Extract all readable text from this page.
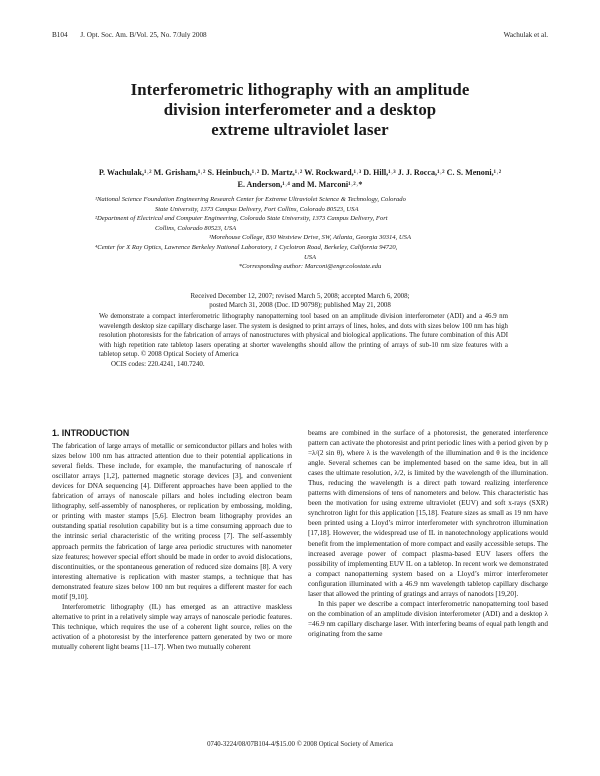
B104 J. Opt. Soc. Am. B/Vol. 25, No. 7/July 2008	Wachulak et al.
Interferometric lithography with an amplitude
division interferometer and a desktop
extreme ultraviolet laser
P. Wachulak,¹˒² M. Grisham,¹˒² S. Heinbuch,¹˒² D. Martz,¹˒² W. Rockward,¹˒³ D. Hill,¹˒³ J. J. Rocca,¹˒² C. S. Menoni,¹˒²
E. Anderson,¹˒⁴ and M. Marconi¹˒²˒*
¹National Science Foundation Engineering Research Center for Extreme Ultraviolet Science & Technology, Colorado
State University, 1373 Campus Delivery, Fort Collins, Colorado 80523, USA
²Department of Electrical and Computer Engineering, Colorado State University, 1373 Campus Delivery, Fort
Collins, Colorado 80523, USA
³Morehouse College, 830 Westview Drive, SW, Atlanta, Georgia 30314, USA
⁴Center for X Ray Optics, Lawrence Berkeley National Laboratory, 1 Cyclotron Road, Berkeley, California 94720,
USA
*Corresponding author: Marconi@engr.colostate.edu
Received December 12, 2007; revised March 5, 2008; accepted March 6, 2008;
posted March 31, 2008 (Doc. ID 90798); published May 21, 2008
We demonstrate a compact interferometric lithography nanopatterning tool based on an amplitude division interferometer (ADI) and a 46.9 nm wavelength desktop size capillary discharge laser. The system is designed to print arrays of lines, holes, and dots with sizes below 100 nm has high resolution photoresists for the fabrication of arrays of nanostructures with physical and biological applications. The future combination of this ADI with high repetition rate tabletop lasers operating at shorter wavelengths should allow the printing of arrays of sub-10 nm size features with a tabletop setup. © 2008 Optical Society of America
OCIS codes: 220.4241, 140.7240.
1. INTRODUCTION

The fabrication of large arrays of metallic or semiconductor pillars and holes with sizes below 100 nm has attracted attention due to their potential applications in several fields. These include, for example, the manufacturing of nanoscale rf oscillator arrays [1,2], patterned magnetic storage devices [3], and convenient devices for DNA sequencing [4]. Different approaches have been applied to the fabrication of arrays of nanoscale pillars and holes including electron beam lithography, self-assembly of nanospheres, or replication by embossing, molding, or printing with master stamps [5,6]. Electron beam lithography provides an outstanding spatial resolution capability but is a time consuming approach due to the intrinsic serial characteristic of the writing process [7]. The self-assembly approach permits the fabrication of large area periodic structures with nanometer size features; however special effort should be made in order to avoid dislocations, discontinuities, or the spontaneous generation of reduced size domains [8]. A very interesting alternative is replication with master stamps, a technique that has demonstrated feature sizes below 100 nm but requires a different master for each motif [9,10].

Interferometric lithography (IL) has emerged as an attractive maskless alternative to print in a relatively simple way arrays of nanoscale periodic features. This technique, which requires the use of a coherent light source, relies on the activation of a photoresist by the interference pattern generated by two or more mutually coherent light beams [11–17]. When two mutually coherent

beams are combined in the surface of a photoresist, the generated interference pattern can activate the photoresist and print periodic lines with a period given by p =λ/(2 sin θ), where λ is the wavelength of the illumination and θ is the incidence angle. Several schemes can be implemented based on the same idea, but in all cases the ultimate resolution, λ/2, is limited by the wavelength of the illumination. Thus, reducing the wavelength is a direct path toward realizing interference patterns with dimensions of tens of nanometers and below. This characteristic has been the motivation for using extreme ultraviolet (EUV) and soft x-rays (SXR) synchrotron light for this application [15,18]. Feature sizes as small as 19 nm have been printed using a Lloyd’s mirror interferometer with synchrotron illumination [17,18]. However, the widespread use of IL in nanotechnology applications would benefit from the implementation of more compact and easily accessible setups. The increased average power of compact plasma-based EUV lasers offers the possibility of implementing EUV IL on a tabletop. In recent work we demonstrated a compact nanopatterning system based on a Lloyd’s mirror interferometer configuration illuminated with a 46.9 nm wavelength tabletop capillary discharge laser that allowed the printing of gratings and arrays of nanodots [19,20].

In this paper we describe a compact interferometric nanopatterning tool based on the combination of an amplitude division interferometer (ADI) and a desktop λ =46.9 nm capillary discharge laser. With interfering beams of equal path length and originating from the same

0740-3224/08/07B104-4/$15.00 © 2008 Optical Society of America
